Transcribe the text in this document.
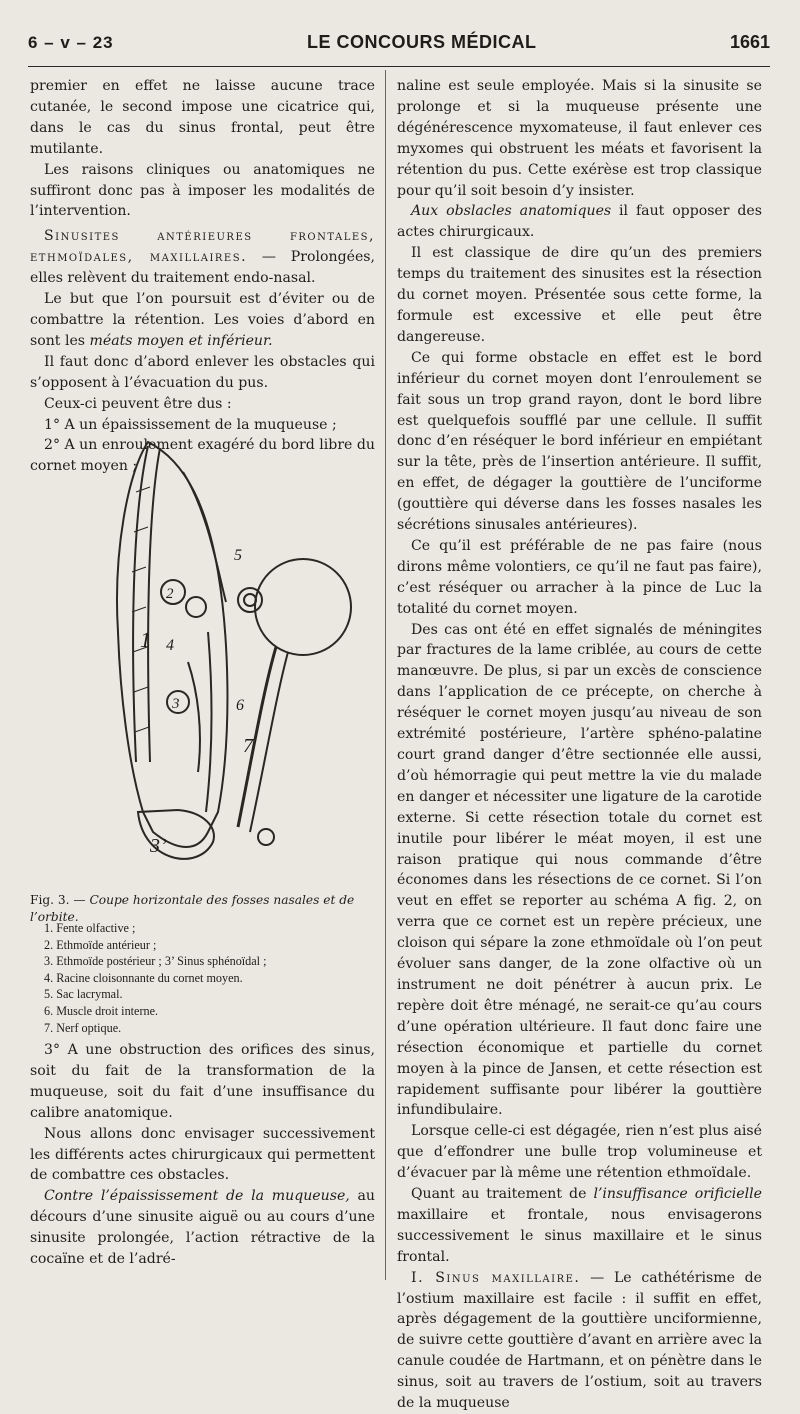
6 – v – 23	LE CONCOURS MÉDICAL	1661

premier en effet ne laisse aucune trace cutanée, le second impose une cicatrice qui, dans le cas du sinus frontal, peut être mutilante.

Les raisons cliniques ou anatomiques ne suffiront donc pas à imposer les modalités de l’intervention.

Sinusites antérieures frontales, ethmoïdales, maxillaires. — Prolongées, elles relèvent du traitement endo-nasal.

Le but que l’on poursuit est d’éviter ou de combattre la rétention. Les voies d’abord en sont les méats moyen et inférieur.

Il faut donc d’abord enlever les obstacles qui s’opposent à l’évacuation du pus.

Ceux-ci peuvent être dus :

1° A un épaississement de la muqueuse ;

2° A un enroulement exagéré du bord libre du cornet moyen ;

1
2
3
3’
4
5
6
7
Fig. 3. — Coupe horizontale des fosses nasales et de l’orbite.
1. Fente olfactive ;
2. Ethmoïde antérieur ;
3. Ethmoïde postérieur ; 3’ Sinus sphénoïdal ;
4. Racine cloisonnante du cornet moyen.
5. Sac lacrymal.
6. Muscle droit interne.
7. Nerf optique.

3° A une obstruction des orifices des sinus, soit du fait de la transformation de la muqueuse, soit du fait d’une insuffisance du calibre anatomique.

Nous allons donc envisager successivement les différents actes chirurgicaux qui permettent de combattre ces obstacles.

Contre l’épaississement de la muqueuse, au décours d’une sinusite aiguë ou au cours d’une sinusite prolongée, l’action rétractive de la cocaïne et de l’adré-

naline est seule employée. Mais si la sinusite se prolonge et si la muqueuse présente une dégénérescence myxomateuse, il faut enlever ces myxomes qui obstruent les méats et favorisent la rétention du pus. Cette exérèse est trop classique pour qu’il soit besoin d’y insister.

Aux obslacles anatomiques il faut opposer des actes chirurgicaux.

Il est classique de dire qu’un des premiers temps du traitement des sinusites est la résection du cornet moyen. Présentée sous cette forme, la formule est excessive et elle peut être dangereuse.

Ce qui forme obstacle en effet est le bord inférieur du cornet moyen dont l’enroulement se fait sous un trop grand rayon, dont le bord libre est quelquefois soufflé par une cellule. Il suffit donc d’en réséquer le bord inférieur en empiétant sur la tête, près de l’insertion antérieure. Il suffit, en effet, de dégager la gouttière de l’unciforme (gouttière qui déverse dans les fosses nasales les sécrétions sinusales antérieures).

Ce qu’il est préférable de ne pas faire (nous dirons même volontiers, ce qu’il ne faut pas faire), c’est réséquer ou arracher à la pince de Luc la totalité du cornet moyen.

Des cas ont été en effet signalés de méningites par fractures de la lame criblée, au cours de cette manœuvre. De plus, si par un excès de conscience dans l’application de ce précepte, on cherche à réséquer le cornet moyen jusqu’au niveau de son extrémité postérieure, l’artère sphéno-palatine court grand danger d’être sectionnée elle aussi, d’où hémorragie qui peut mettre la vie du malade en danger et nécessiter une ligature de la carotide externe. Si cette résection totale du cornet est inutile pour libérer le méat moyen, il est une raison pratique qui nous commande d’être économes dans les résections de ce cornet. Si l’on veut en effet se reporter au schéma A fig. 2, on verra que ce cornet est un repère précieux, une cloison qui sépare la zone ethmoïdale où l’on peut évoluer sans danger, de la zone olfactive où un instrument ne doit pénétrer à aucun prix. Le repère doit être ménagé, ne serait-ce qu’au cours d’une opération ultérieure. Il faut donc faire une résection économique et partielle du cornet moyen à la pince de Jansen, et cette résection est rapidement suffisante pour libérer la gouttière infundibulaire.

Lorsque celle-ci est dégagée, rien n’est plus aisé que d’effondrer une bulle trop volumineuse et d’évacuer par là même une rétention ethmoïdale.

Quant au traitement de l’insuffisance orificielle maxillaire et frontale, nous envisagerons successivement le sinus maxillaire et le sinus frontal.

I. Sinus maxillaire. — Le cathétérisme de l’ostium maxillaire est facile : il suffit en effet, après dégagement de la gouttière unciformienne, de suivre cette gouttière d’avant en arrière avec la canule coudée de Hartmann, et on pénètre dans le sinus, soit au travers de l’ostium, soit au travers de la muqueuse
